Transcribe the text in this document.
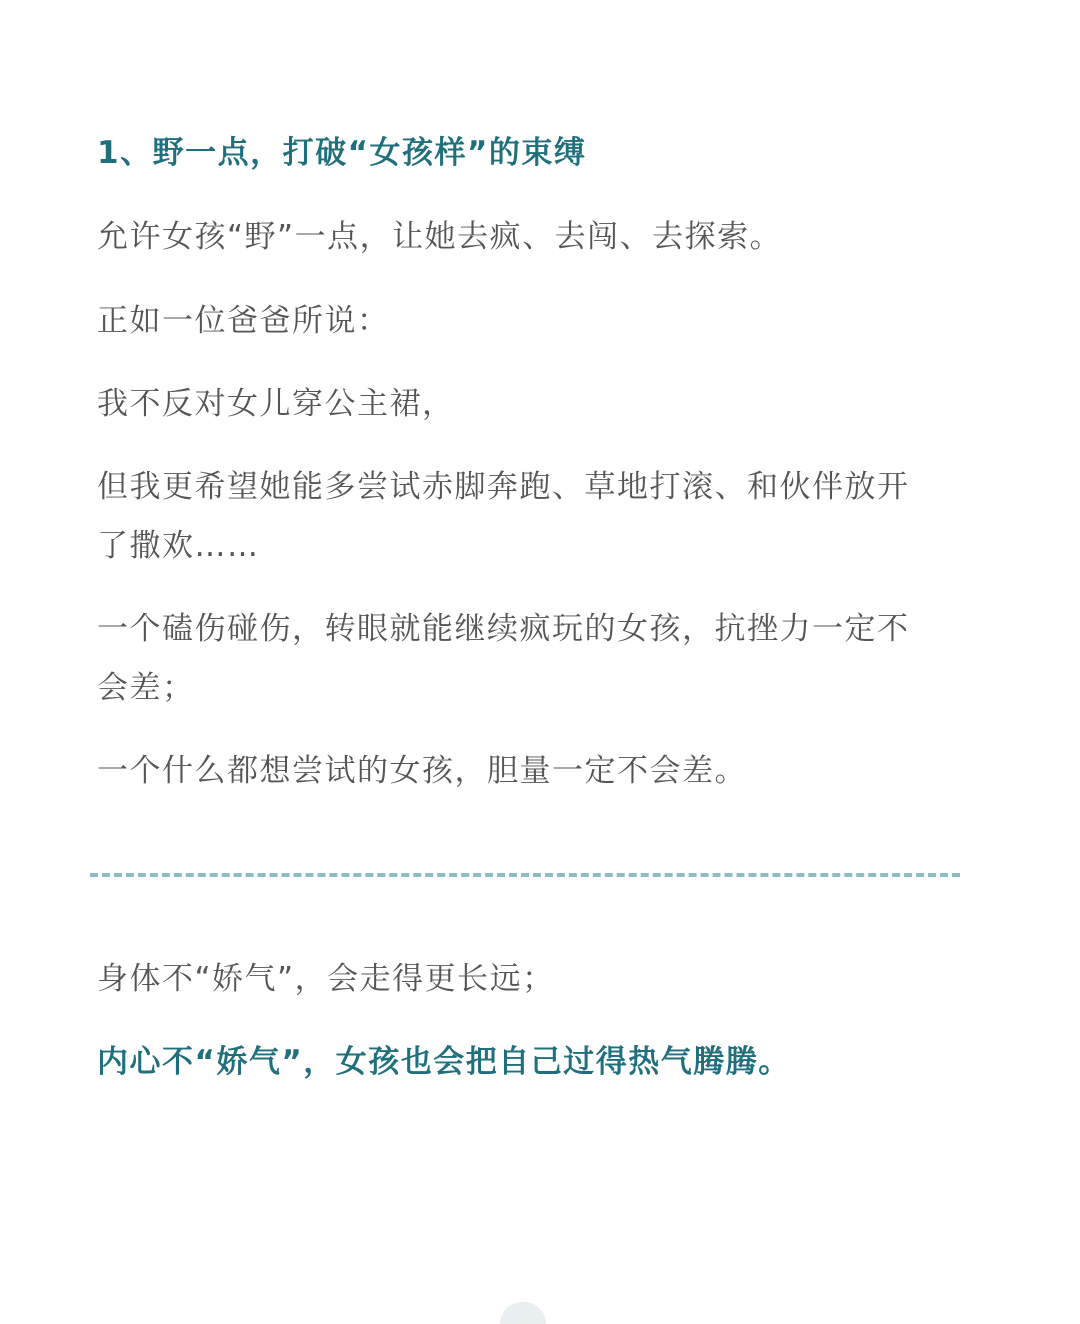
1、野一点，打破“女孩样”的束缚

允许女孩“野”一点，让她去疯、去闯、去探索。

正如一位爸爸所说：

我不反对女儿穿公主裙，

但我更希望她能多尝试赤脚奔跑、草地打滚、和伙伴放开

了撒欢……

一个磕伤碰伤，转眼就能继续疯玩的女孩，抗挫力一定不

会差；

一个什么都想尝试的女孩，胆量一定不会差。

身体不“娇气”，会走得更长远；

内心不“娇气”，女孩也会把自己过得热气腾腾。
